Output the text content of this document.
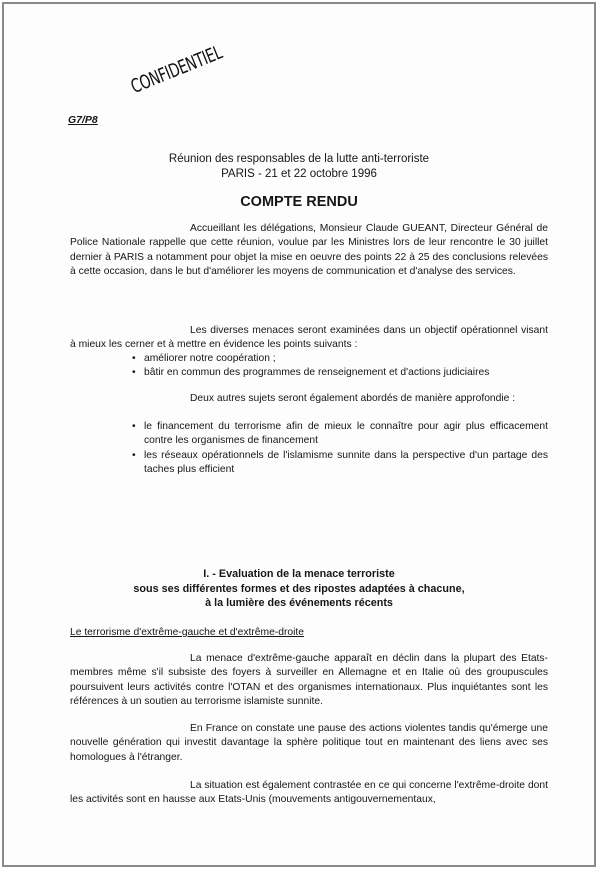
G7/P8
CONFIDENTIEL
Réunion des responsables de la lutte anti-terroriste
PARIS - 21 et 22 octobre 1996
COMPTE RENDU

Accueillant les délégations, Monsieur Claude GUEANT, Directeur Général de Police Nationale rappelle que cette réunion, voulue par les Ministres lors de leur rencontre le 30 juillet dernier à PARIS a notamment pour objet la mise en oeuvre des points 22 à 25 des conclusions relevées à cette occasion, dans le but d'améliorer les moyens de communication et d'analyse des services.

Les diverses menaces seront examinées dans un objectif opérationnel visant à mieux les cerner et à mettre en évidence les points suivants :

• améliorer notre coopération ;
• bâtir en commun des programmes de renseignement et d'actions judiciaires

Deux autres sujets seront également abordés de manière approfondie :

• le financement du terrorisme afin de mieux le connaître pour agir plus efficacement contre les organismes de financement
• les réseaux opérationnels de l'islamisme sunnite dans la perspective d'un partage des taches plus efficient
I. - Evaluation de la menace terroriste
sous ses différentes formes et des ripostes adaptées à chacune,
à la lumière des événements récents
Le terrorisme d'extrême-gauche et d'extrême-droite

La menace d'extrême-gauche apparaît en déclin dans la plupart des Etats-membres même s'il subsiste des foyers à surveiller en Allemagne et en Italie où des groupuscules poursuivent leurs activités contre l'OTAN et des organismes internationaux. Plus inquiétantes sont les références à un soutien au terrorisme islamiste sunnite.

En France on constate une pause des actions violentes tandis qu'émerge une nouvelle génération qui investit davantage la sphère politique tout en maintenant des liens avec ses homologues à l'étranger.

La situation est également contrastée en ce qui concerne l'extrême-droite dont les activités sont en hausse aux Etats-Unis (mouvements antigouvernementaux,
